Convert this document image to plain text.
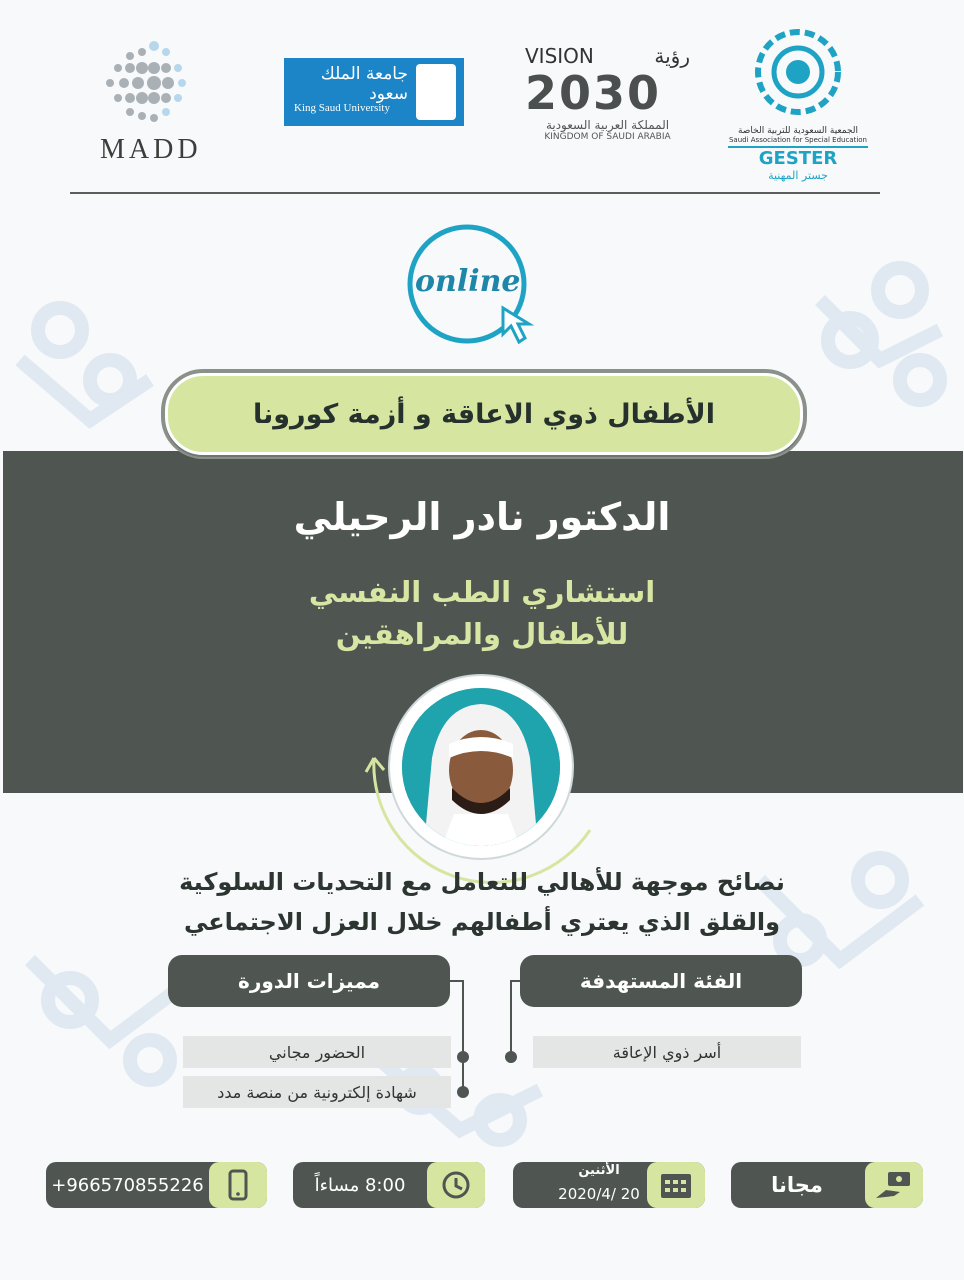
MADD
جامعة الملك سعود
King Saud University
VISION	رؤية
2030
المملكة العربية السعودية
KINGDOM OF SAUDI ARABIA
الجمعية السعودية للتربية الخاصة
Saudi Association for Special Education
GESTER
جستر المهنية
online
الأطفال ذوي الاعاقة و أزمة كورونا
الدكتور نادر الرحيلي
استشاري الطب النفسي
للأطفال والمراهقين
نصائح موجهة للأهالي للتعامل مع التحديات السلوكية
والقلق الذي يعتري أطفالهم خلال العزل الاجتماعي
الفئة المستهدفة
أسر ذوي الإعاقة
مميزات الدورة
الحضور مجاني
شهادة إلكترونية من منصة مدد
مجانا
الأثنين
2020/4/ 20
8:00 مساءاً
+966570855226
